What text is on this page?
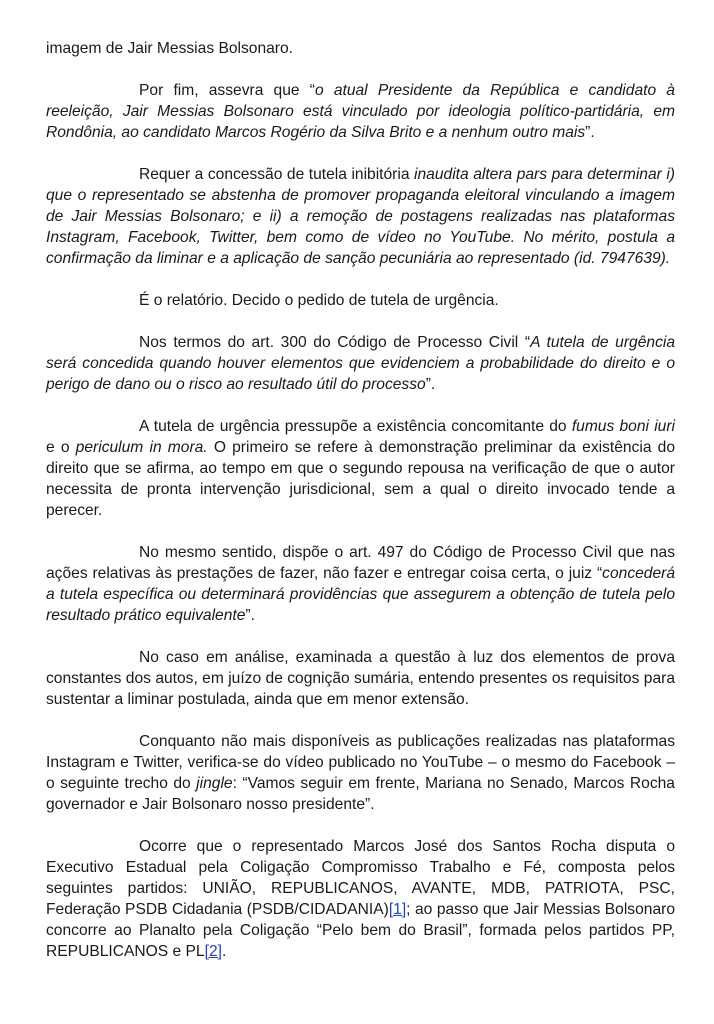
imagem de Jair Messias Bolsonaro.

Por fim, assevra que “o atual Presidente da República e candidato à reeleição, Jair Messias Bolsonaro está vinculado por ideologia político-partidária, em Rondônia, ao candidato Marcos Rogério da Silva Brito e a nenhum outro mais”.

Requer a concessão de tutela inibitória inaudita altera pars para determinar i) que o representado se abstenha de promover propaganda eleitoral vinculando a imagem de Jair Messias Bolsonaro; e ii) a remoção de postagens realizadas nas plataformas Instagram, Facebook, Twitter, bem como de vídeo no YouTube. No mérito, postula a confirmação da liminar e a aplicação de sanção pecuniária ao representado (id. 7947639).

É o relatório. Decido o pedido de tutela de urgência.

Nos termos do art. 300 do Código de Processo Civil “A tutela de urgência será concedida quando houver elementos que evidenciem a probabilidade do direito e o perigo de dano ou o risco ao resultado útil do processo”.

A tutela de urgência pressupõe a existência concomitante do fumus boni iuri e o periculum in mora. O primeiro se refere à demonstração preliminar da existência do direito que se afirma, ao tempo em que o segundo repousa na verificação de que o autor necessita de pronta intervenção jurisdicional, sem a qual o direito invocado tende a perecer.

No mesmo sentido, dispõe o art. 497 do Código de Processo Civil que nas ações relativas às prestações de fazer, não fazer e entregar coisa certa, o juiz “concederá a tutela específica ou determinará providências que assegurem a obtenção de tutela pelo resultado prático equivalente”.

No caso em análise, examinada a questão à luz dos elementos de prova constantes dos autos, em juízo de cognição sumária, entendo presentes os requisitos para sustentar a liminar postulada, ainda que em menor extensão.

Conquanto não mais disponíveis as publicações realizadas nas plataformas Instagram e Twitter, verifica-se do vídeo publicado no YouTube – o mesmo do Facebook – o seguinte trecho do jingle: “Vamos seguir em frente, Mariana no Senado, Marcos Rocha governador e Jair Bolsonaro nosso presidente”.

Ocorre que o representado Marcos José dos Santos Rocha disputa o Executivo Estadual pela Coligação Compromisso Trabalho e Fé, composta pelos seguintes partidos: UNIÃO, REPUBLICANOS, AVANTE, MDB, PATRIOTA, PSC, Federação PSDB Cidadania (PSDB/CIDADANIA)[1]; ao passo que Jair Messias Bolsonaro concorre ao Planalto pela Coligação “Pelo bem do Brasil”, formada pelos partidos PP, REPUBLICANOS e PL[2].
